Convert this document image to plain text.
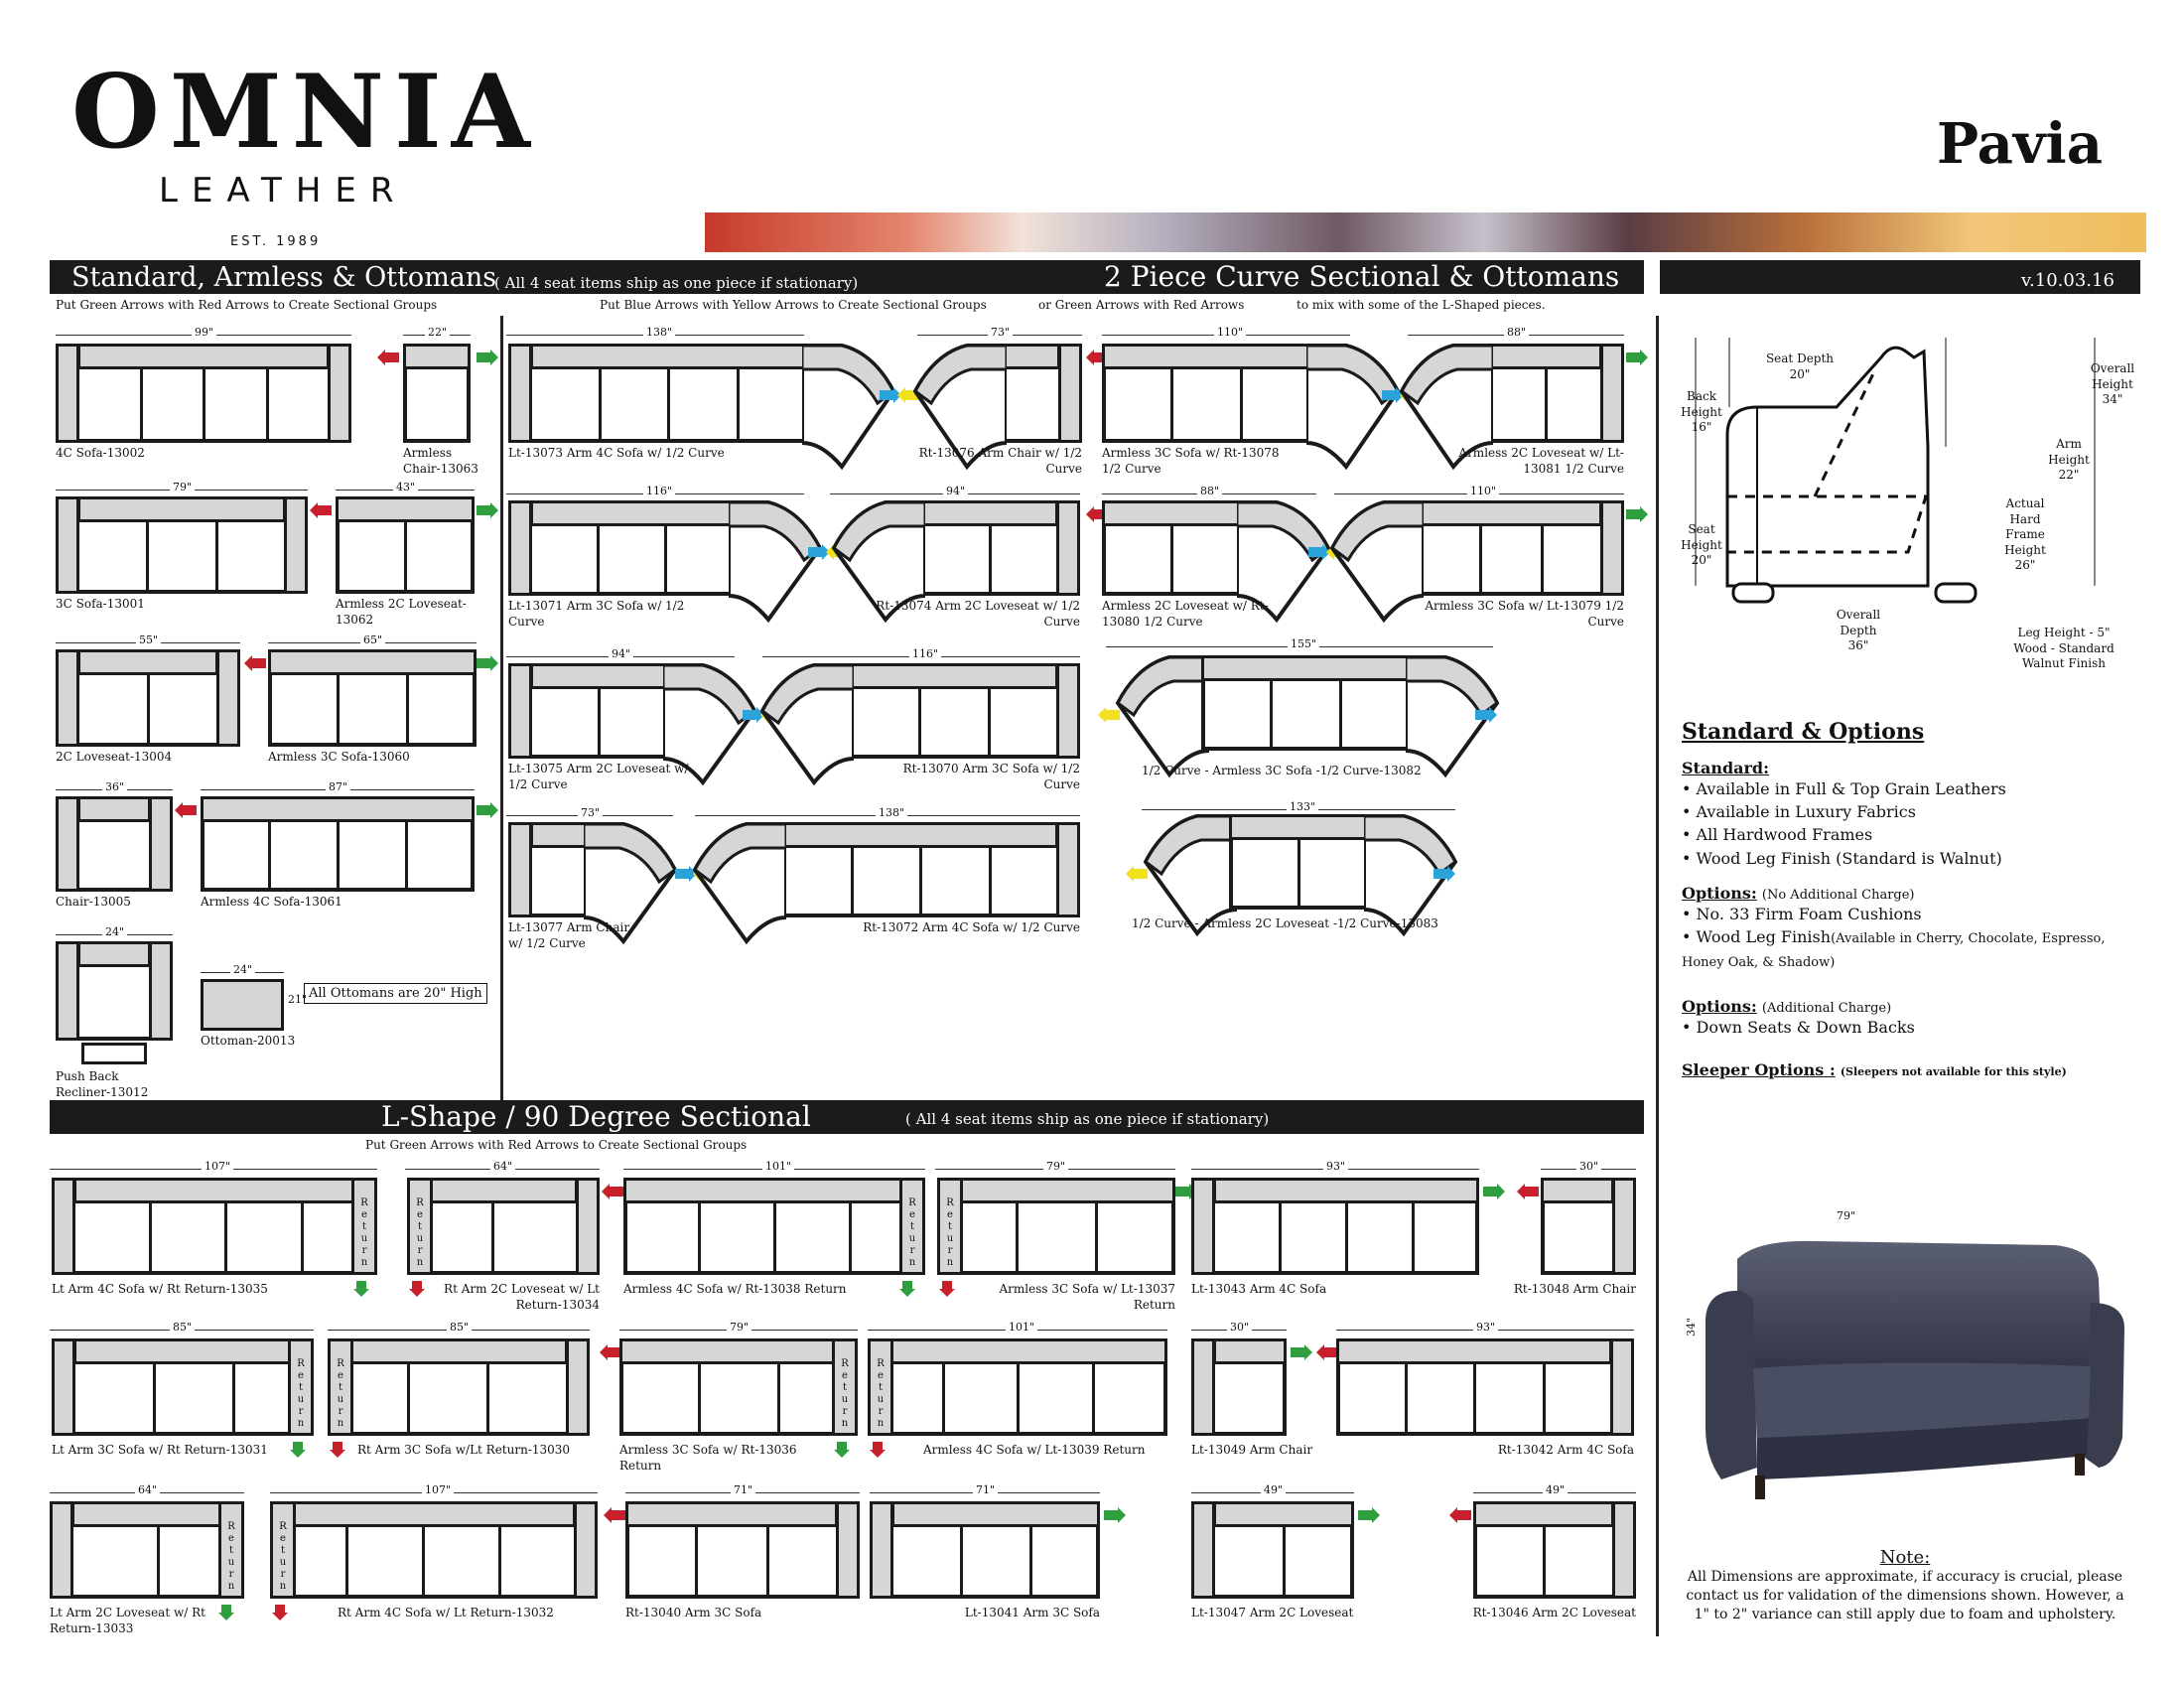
OMNIA
LEATHER
EST. 1989
Pavia
Standard, Armless & Ottomans
( All 4 seat items ship as one piece if stationary)	2 Piece Curve Sectional & Ottomans	v.10.03.16
Put Green Arrows with Red Arrows to Create Sectional Groups	Put Blue Arrows with Yellow Arrows to Create Sectional Groups	or Green Arrows with Red Arrows	to mix with some of the L-Shaped pieces.
99"
4C Sofa-13002
22"
Armless Chair-13063
79"
3C Sofa-13001
43"
Armless 2C Loveseat-13062
55"
2C Loveseat-13004
65"
Armless 3C Sofa-13060
36"
Chair-13005
87"
Armless 4C Sofa-13061
24"
Push Back Recliner-13012
24"
21"
Ottoman-20013
All Ottomans are 20" High
138"
Lt-13073 Arm 4C Sofa w/ 1/2 Curve
73"
Rt-13076 Arm Chair w/ 1/2 Curve
110"
Armless 3C Sofa w/ Rt-13078 1/2 Curve
88"
Armless 2C Loveseat w/ Lt-13081 1/2 Curve
116"
Lt-13071 Arm 3C Sofa w/ 1/2 Curve
94"
Rt-13074 Arm 2C Loveseat w/ 1/2 Curve
88"
Armless 2C Loveseat w/ Rt-13080 1/2 Curve
110"
Armless 3C Sofa w/ Lt-13079 1/2 Curve
94"
Lt-13075 Arm 2C Loveseat w/ 1/2 Curve
116"
Rt-13070 Arm 3C Sofa w/ 1/2 Curve
155"
1/2 Curve - Armless 3C Sofa -1/2 Curve-13082
73"
Lt-13077 Arm Chair w/ 1/2 Curve
138"
Rt-13072 Arm 4C Sofa w/ 1/2 Curve
133"
1/2 Curve - Armless 2C Loveseat -1/2 Curve-13083
L-Shape / 90 Degree Sectional	( All 4 seat items ship as one piece if stationary)
Put Green Arrows with Red Arrows to Create Sectional Groups
107"
R e t u r n
Lt Arm 4C Sofa w/ Rt Return-13035
64"
R e t u r n
Rt Arm 2C Loveseat w/ Lt Return-13034
101"
R e t u r n
Armless 4C Sofa w/ Rt-13038 Return
79"
R e t u r n
Armless 3C Sofa w/ Lt-13037 Return
93"
Lt-13043 Arm 4C Sofa
30"
Rt-13048 Arm Chair
85"
R e t u r n
Lt Arm 3C Sofa w/ Rt Return-13031
85"
R e t u r n
Rt Arm 3C Sofa w/Lt Return-13030
79"
R e t u r n
Armless 3C Sofa w/ Rt-13036 Return
101"
R e t u r n
Armless 4C Sofa w/ Lt-13039 Return
30"
Lt-13049 Arm Chair
93"
Rt-13042 Arm 4C Sofa
64"
R e t u r n
Lt Arm 2C Loveseat w/ Rt Return-13033
107"
R e t u r n
Rt Arm 4C Sofa w/ Lt Return-13032
71"
Rt-13040 Arm 3C Sofa
71"
Lt-13041 Arm 3C Sofa
49"
Lt-13047 Arm 2C Loveseat
49"
Rt-13046 Arm 2C Loveseat
Seat Depth 20"
Back Height 16"
Overall Height 34"
Arm Height 22"
Seat Height 20"
Actual Hard Frame Height 26"
Overall Depth 36"
Leg Height - 5" Wood - Standard Walnut Finish
Standard & Options
Standard:
• Available in Full & Top Grain Leathers
• Available in Luxury Fabrics
• All Hardwood Frames
• Wood Leg Finish (Standard is Walnut)
Options: (No Additional Charge)
• No. 33 Firm Foam Cushions
• Wood Leg Finish(Available in Cherry, Chocolate, Espresso, Honey Oak, & Shadow)
Options: (Additional Charge)
• Down Seats & Down Backs
Sleeper Options : (Sleepers not available for this style)
79"
34"
Note:
All Dimensions are approximate, if accuracy is crucial, please contact us for validation of the dimensions shown. However, a 1" to 2" variance can still apply due to foam and upholstery.
